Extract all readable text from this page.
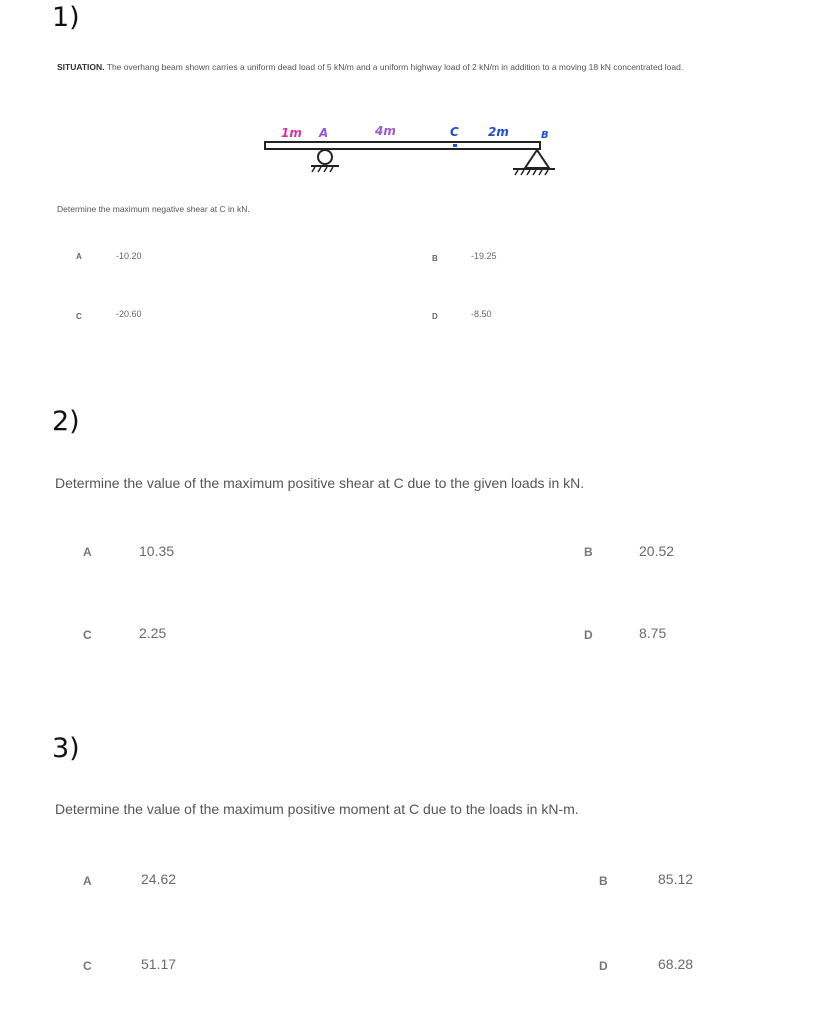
1)
SITUATION. The overhang beam shown carries a uniform dead load of 5 kN/m and a uniform highway load of 2 kN/m in addition to a moving 18 kN concentrated load.
1m A	4m	C 2m	B
Determine the maximum negative shear at C in kN.
A	-10.20	B	-19.25
C	-20.60	D	-8.50
2)
Determine the value of the maximum positive shear at C due to the given loads in kN.
A	10.35	B	20.52
C	2.25	D	8.75
3)
Determine the value of the maximum positive moment at C due to the loads in kN-m.
A	24.62	B	85.12
C	51.17	D	68.28
